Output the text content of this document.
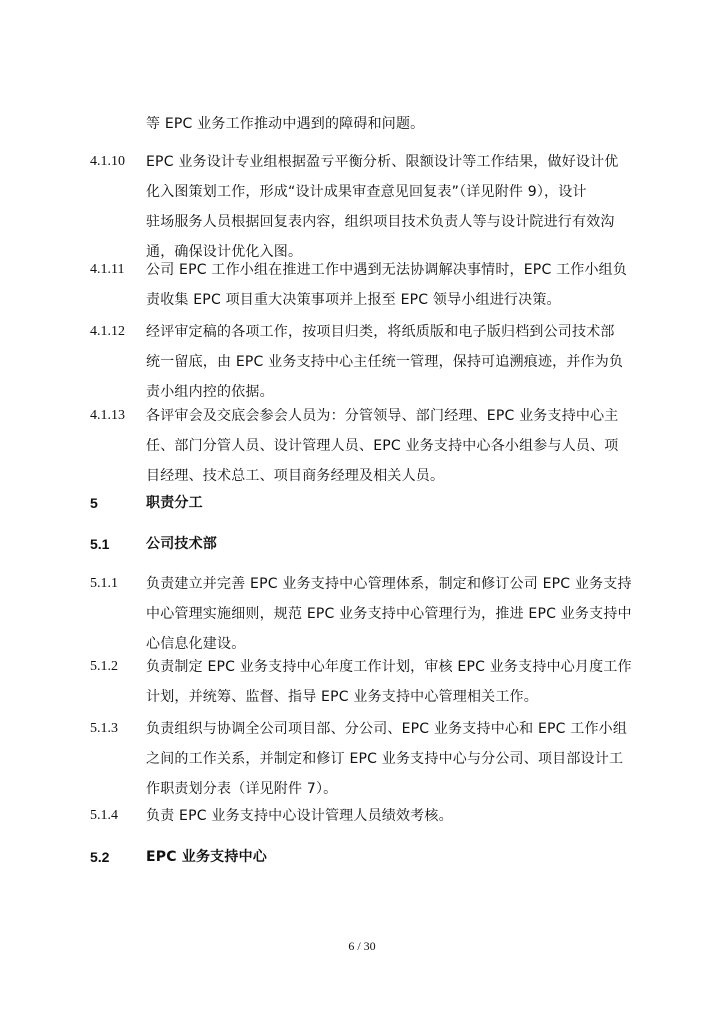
等 EPC 业务工作推动中遇到的障碍和问题。
4.1.10 EPC 业务设计专业组根据盈亏平衡分析、限额设计等工作结果，做好设计优
化入图策划工作，形成“设计成果审查意见回复表”（详见附件 9），设计
驻场服务人员根据回复表内容，组织项目技术负责人等与设计院进行有效沟
通，确保设计优化入图。
4.1.11 公司 EPC 工作小组在推进工作中遇到无法协调解决事情时，EPC 工作小组负
责收集 EPC 项目重大决策事项并上报至 EPC 领导小组进行决策。
4.1.12 经评审定稿的各项工作，按项目归类，将纸质版和电子版归档到公司技术部
统一留底，由 EPC 业务支持中心主任统一管理，保持可追溯痕迹，并作为负
责小组内控的依据。
4.1.13 各评审会及交底会参会人员为：分管领导、部门经理、EPC 业务支持中心主
任、部门分管人员、设计管理人员、EPC 业务支持中心各小组参与人员、项
目经理、技术总工、项目商务经理及相关人员。
5	职责分工
5.1	公司技术部
5.1.1 负责建立并完善 EPC 业务支持中心管理体系，制定和修订公司 EPC 业务支持
中心管理实施细则，规范 EPC 业务支持中心管理行为，推进 EPC 业务支持中
心信息化建设。
5.1.2 负责制定 EPC 业务支持中心年度工作计划，审核 EPC 业务支持中心月度工作
计划，并统筹、监督、指导 EPC 业务支持中心管理相关工作。
5.1.3 负责组织与协调全公司项目部、分公司、EPC 业务支持中心和 EPC 工作小组
之间的工作关系，并制定和修订 EPC 业务支持中心与分公司、项目部设计工
作职责划分表（详见附件 7）。
5.1.4 负责 EPC 业务支持中心设计管理人员绩效考核。
5.2	EPC 业务支持中心
6 / 30
